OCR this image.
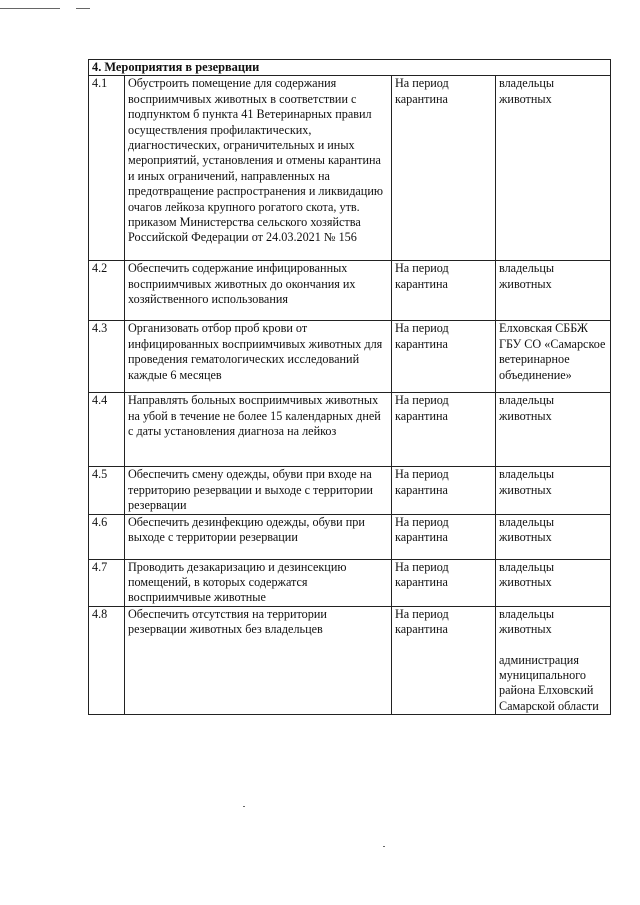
4. Мероприятия в резервации			
4.1	Обустроить помещение для содержания восприимчивых животных в соответствии с подпунктом б пункта 41 Ветеринарных правил осуществления профилактических, диагностических, ограничительных и иных мероприятий, установления и отмены карантина и иных ограничений, направленных на предотвращение распространения и ликвидацию очагов лейкоза крупного рогатого скота, утв. приказом Министерства сельского хозяйства Российской Федерации от 24.03.2021 № 156	На период карантина	владельцы животных

4.2	Обеспечить содержание инфицированных восприимчивых животных до окончания их хозяйственного использования	На период карантина	владельцы животных

4.3	Организовать отбор проб крови от инфицированных восприимчивых животных для проведения гематологических исследований каждые 6 месяцев	На период карантина	Елховская СББЖ ГБУ СО «Самарское ветеринарное объединение»

4.4	Направлять больных восприимчивых животных на убой в течение не более 15 календарных дней с даты установления диагноза на лейкоз	На период карантина	владельцы животных

4.5	Обеспечить смену одежды, обуви при входе на территорию резервации и выходе с территории резервации	На период карантина	владельцы животных

4.6	Обеспечить дезинфекцию одежды, обуви при выходе с территории резервации	На период карантина	владельцы животных

4.7	Проводить дезакаризацию и дезинсекцию помещений, в которых содержатся восприимчивые животные	На период карантина	владельцы животных

4.8	Обеспечить отсутствия на территории резервации животных без владельцев	На период карантина	владельцы животных
администрация муниципального района Елховский Самарской области
